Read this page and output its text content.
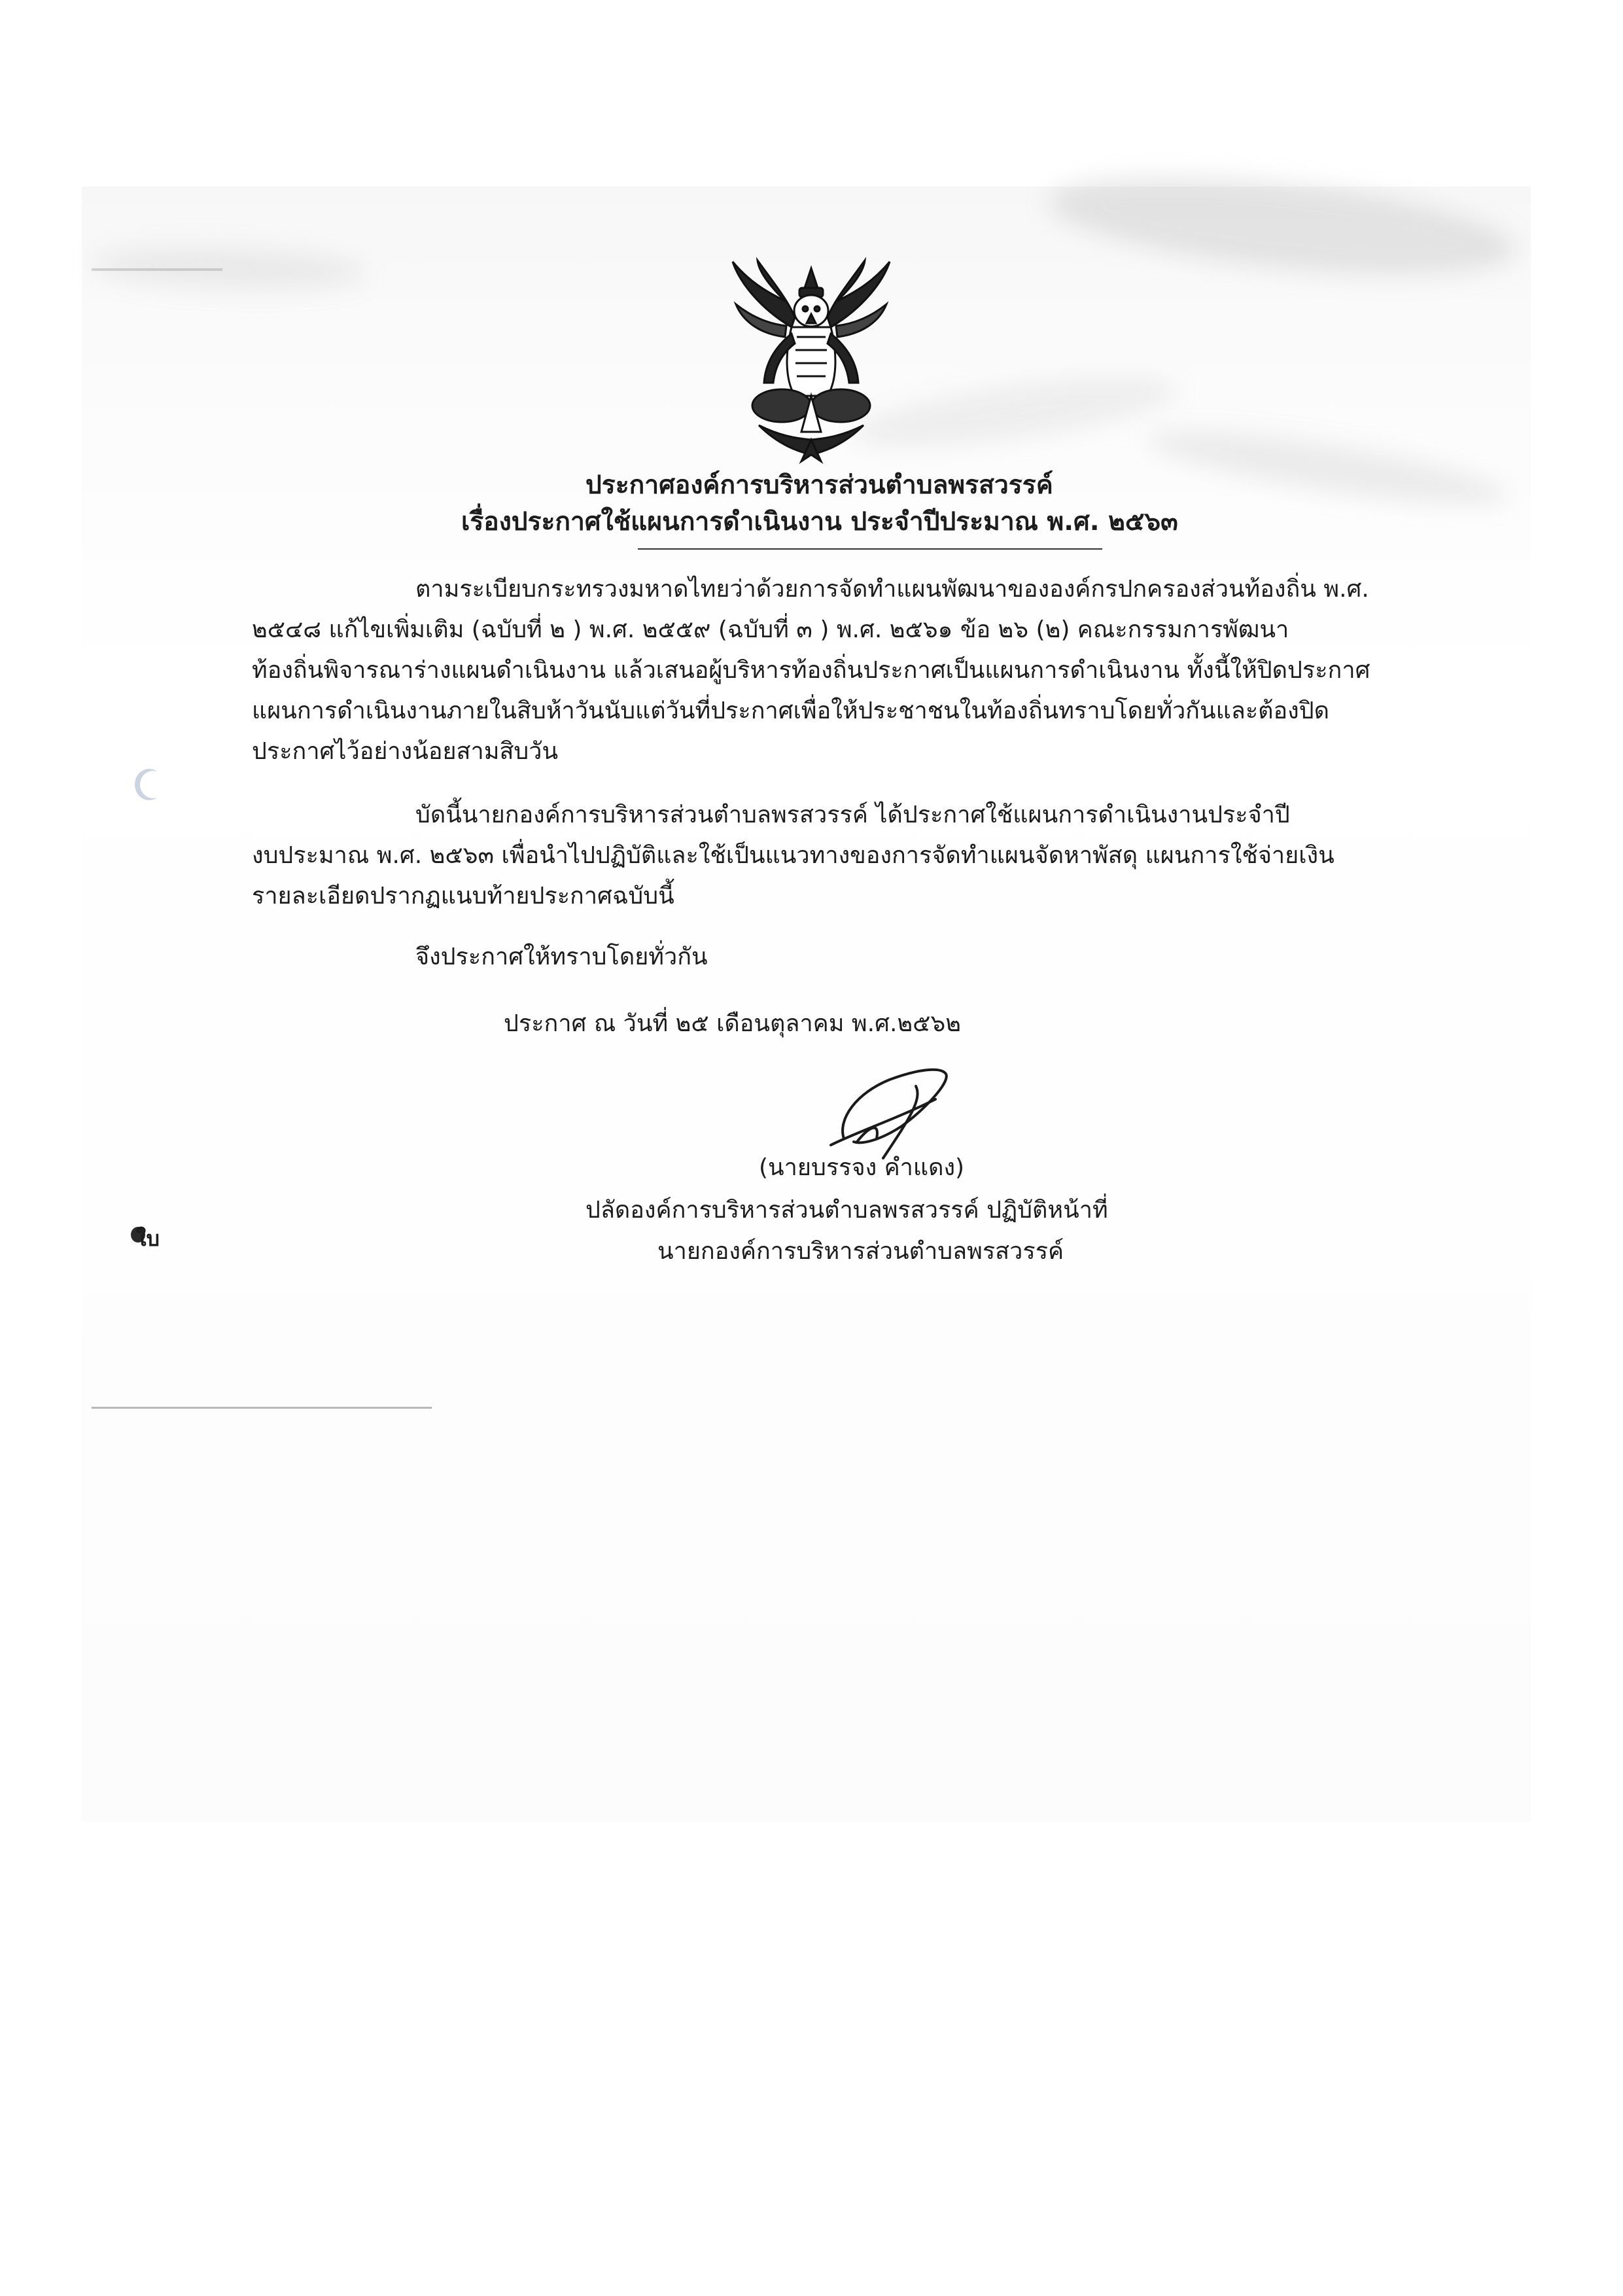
ประกาศองค์การบริหารส่วนตำบลพรสวรรค์
เรื่องประกาศใช้แผนการดำเนินงาน ประจำปีประมาณ พ.ศ. ๒๕๖๓
ตามระเบียบกระทรวงมหาดไทยว่าด้วยการจัดทำแผนพัฒนาขององค์กรปกครองส่วนท้องถิ่น พ.ศ.
๒๕๔๘ แก้ไขเพิ่มเติม (ฉบับที่ ๒ ) พ.ศ. ๒๕๕๙ (ฉบับที่ ๓ ) พ.ศ. ๒๕๖๑ ข้อ ๒๖ (๒) คณะกรรมการพัฒนา
ท้องถิ่นพิจารณาร่างแผนดำเนินงาน แล้วเสนอผู้บริหารท้องถิ่นประกาศเป็นแผนการดำเนินงาน ทั้งนี้ให้ปิดประกาศ
แผนการดำเนินงานภายในสิบห้าวันนับแต่วันที่ประกาศเพื่อให้ประชาชนในท้องถิ่นทราบโดยทั่วกันและต้องปิด
ประกาศไว้อย่างน้อยสามสิบวัน
บัดนี้นายกองค์การบริหารส่วนตำบลพรสวรรค์ ได้ประกาศใช้แผนการดำเนินงานประจำปี
งบประมาณ พ.ศ. ๒๕๖๓ เพื่อนำไปปฏิบัติและใช้เป็นแนวทางของการจัดทำแผนจัดหาพัสดุ แผนการใช้จ่ายเงิน
รายละเอียดปรากฏแนบท้ายประกาศฉบับนี้
จึงประกาศให้ทราบโดยทั่วกัน
ประกาศ ณ วันที่ ๒๕ เดือนตุลาคม พ.ศ.๒๕๖๒
(นายบรรจง คำแดง)
ปลัดองค์การบริหารส่วนตำบลพรสวรรค์ ปฏิบัติหน้าที่
นายกองค์การบริหารส่วนตำบลพรสวรรค์
ใบ
